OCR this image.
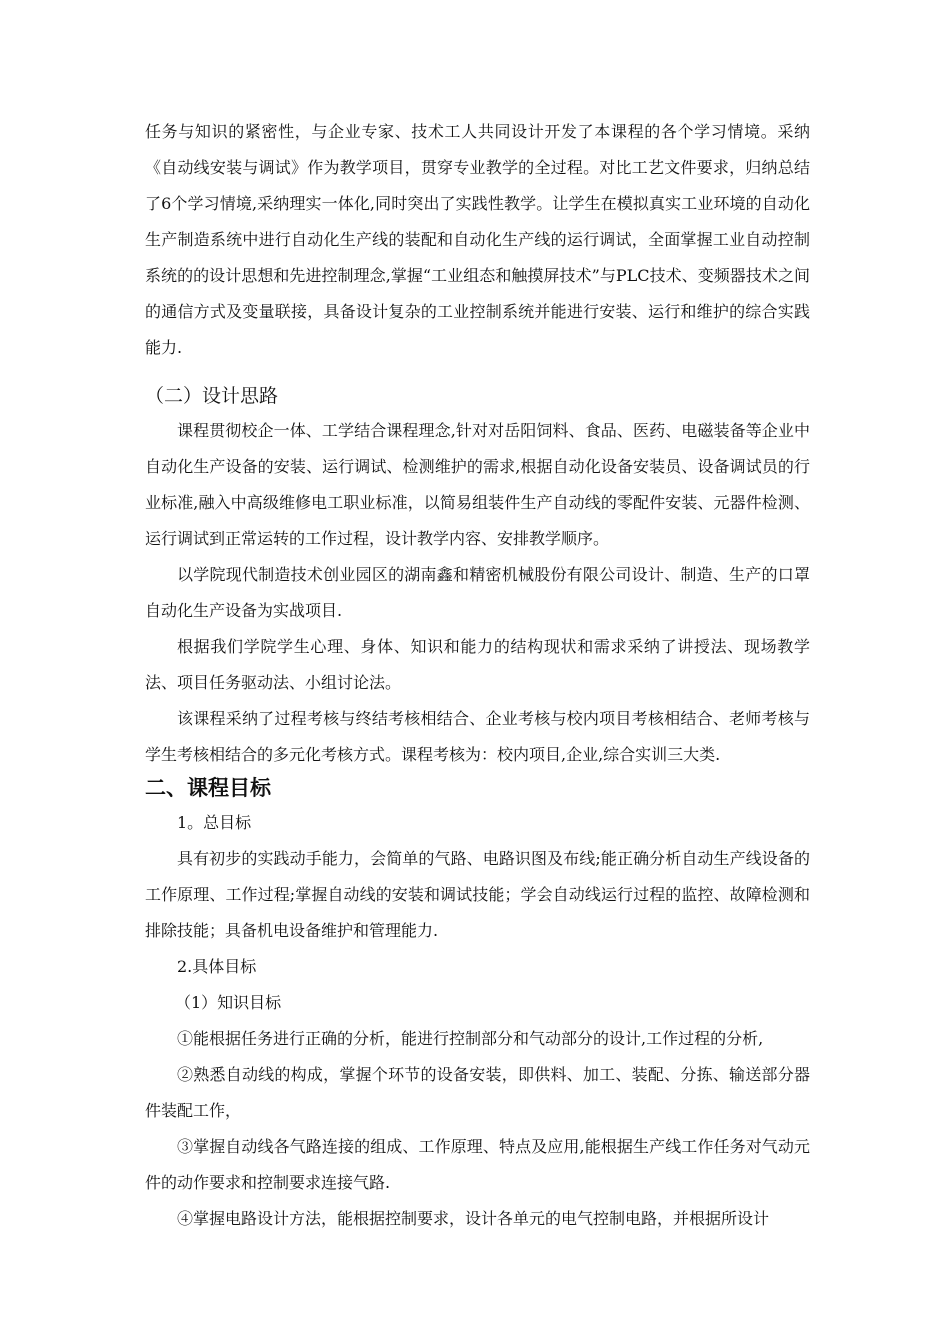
任务与知识的紧密性，与企业专家、技术工人共同设计开发了本课程的各个学习情境。采纳《自动线安装与调试》作为教学项目，贯穿专业教学的全过程。对比工艺文件要求，归纳总结了6个学习情境,采纳理实一体化,同时突出了实践性教学。让学生在模拟真实工业环境的自动化生产制造系统中进行自动化生产线的装配和自动化生产线的运行调试，全面掌握工业自动控制系统的的设计思想和先进控制理念,掌握“工业组态和触摸屏技术”与PLC技术、变频器技术之间的通信方式及变量联接，具备设计复杂的工业控制系统并能进行安装、运行和维护的综合实践能力.
（二）设计思路
课程贯彻校企一体、工学结合课程理念,针对对岳阳饲料、食品、医药、电磁装备等企业中自动化生产设备的安装、运行调试、检测维护的需求,根据自动化设备安装员、设备调试员的行业标准,融入中高级维修电工职业标准，以简易组装件生产自动线的零配件安装、元器件检测、运行调试到正常运转的工作过程，设计教学内容、安排教学顺序。
以学院现代制造技术创业园区的湖南鑫和精密机械股份有限公司设计、制造、生产的口罩自动化生产设备为实战项目.
根据我们学院学生心理、身体、知识和能力的结构现状和需求采纳了讲授法、现场教学法、项目任务驱动法、小组讨论法。
该课程采纳了过程考核与终结考核相结合、企业考核与校内项目考核相结合、老师考核与学生考核相结合的多元化考核方式。课程考核为：校内项目,企业,综合实训三大类.
二、课程目标
1。总目标
具有初步的实践动手能力，会简单的气路、电路识图及布线;能正确分析自动生产线设备的工作原理、工作过程;掌握自动线的安装和调试技能；学会自动线运行过程的监控、故障检测和排除技能；具备机电设备维护和管理能力.
2.具体目标
（1）知识目标
①能根据任务进行正确的分析，能进行控制部分和气动部分的设计,工作过程的分析,
②熟悉自动线的构成，掌握个环节的设备安装，即供料、加工、装配、分拣、输送部分器件装配工作，
③掌握自动线各气路连接的组成、工作原理、特点及应用,能根据生产线工作任务对气动元件的动作要求和控制要求连接气路.
④掌握电路设计方法，能根据控制要求，设计各单元的电气控制电路，并根据所设计
